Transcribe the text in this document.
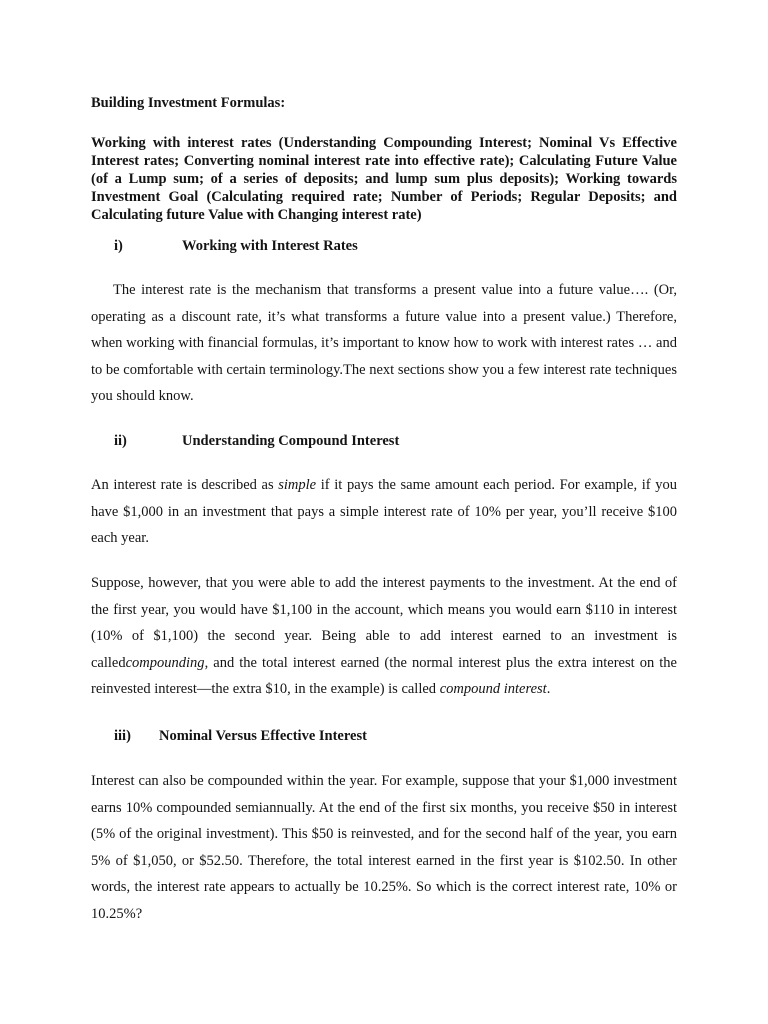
Building Investment Formulas:
Working with interest rates (Understanding Compounding Interest; Nominal Vs Effective Interest rates; Converting nominal interest rate into effective rate); Calculating Future Value (of a Lump sum; of a series of deposits; and lump sum plus deposits); Working towards Investment Goal (Calculating required rate; Number of Periods; Regular Deposits; and Calculating future Value with Changing interest rate)
i)	Working with Interest Rates
The interest rate is the mechanism that transforms a present value into a future value…. (Or, operating as a discount rate, it’s what transforms a future value into a present value.) Therefore, when working with financial formulas, it’s important to know how to work with interest rates … and to be comfortable with certain terminology.The next sections show you a few interest rate techniques you should know.
ii)	Understanding Compound Interest
An interest rate is described as simple if it pays the same amount each period. For example, if you have $1,000 in an investment that pays a simple interest rate of 10% per year, you’ll receive $100 each year.
Suppose, however, that you were able to add the interest payments to the investment. At the end of the first year, you would have $1,100 in the account, which means you would earn $110 in interest (10% of $1,100) the second year. Being able to add interest earned to an investment is calledcompounding, and the total interest earned (the normal interest plus the extra interest on the reinvested interest—the extra $10, in the example) is called compound interest.
iii) Nominal Versus Effective Interest
Interest can also be compounded within the year. For example, suppose that your $1,000 investment earns 10% compounded semiannually. At the end of the first six months, you receive $50 in interest (5% of the original investment). This $50 is reinvested, and for the second half of the year, you earn 5% of $1,050, or $52.50. Therefore, the total interest earned in the first year is $102.50. In other words, the interest rate appears to actually be 10.25%. So which is the correct interest rate, 10% or 10.25%?
